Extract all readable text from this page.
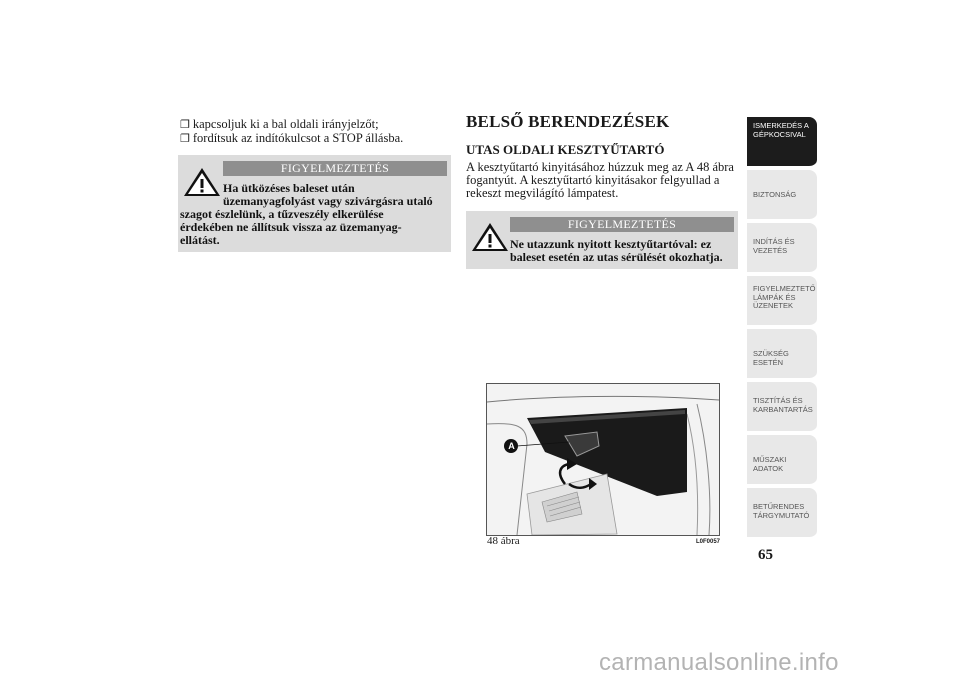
❐ kapcsoljuk ki a bal oldali irányjelzőt;
❐ fordítsuk az indítókulcsot a STOP állásba.
FIGYELMEZTETÉS
Ha ütközéses baleset után
üzemanyagfolyást vagy szivárgásra utaló
szagot észlelünk, a tűzveszély elkerülése
érdekében ne állítsuk vissza az üzemanyag-
ellátást.
BELSŐ BERENDEZÉSEK
UTAS OLDALI KESZTYŰTARTÓ
A kesztyűtartó kinyitásához húzzuk meg az A 48 ábra
fogantyút. A kesztyűtartó kinyitásakor felgyullad a
rekeszt megvilágító lámpatest.
FIGYELMEZTETÉS
Ne utazzunk nyitott kesztyűtartóval: ez
baleset esetén az utas sérülését okozhatja.
A
48 ábra	L0F0057
ISMERKEDÉS A
GÉPKOCSIVAL
BIZTONSÁG
INDÍTÁS ÉS
VEZETÉS
FIGYELMEZTETŐ
LÁMPÁK ÉS
ÜZENETEK
SZÜKSÉG ESETÉN
TISZTÍTÁS ÉS
KARBANTARTÁS
MŰSZAKI ADATOK
BETŰRENDES
TÁRGYMUTATÓ
65
carmanualsonline.info
